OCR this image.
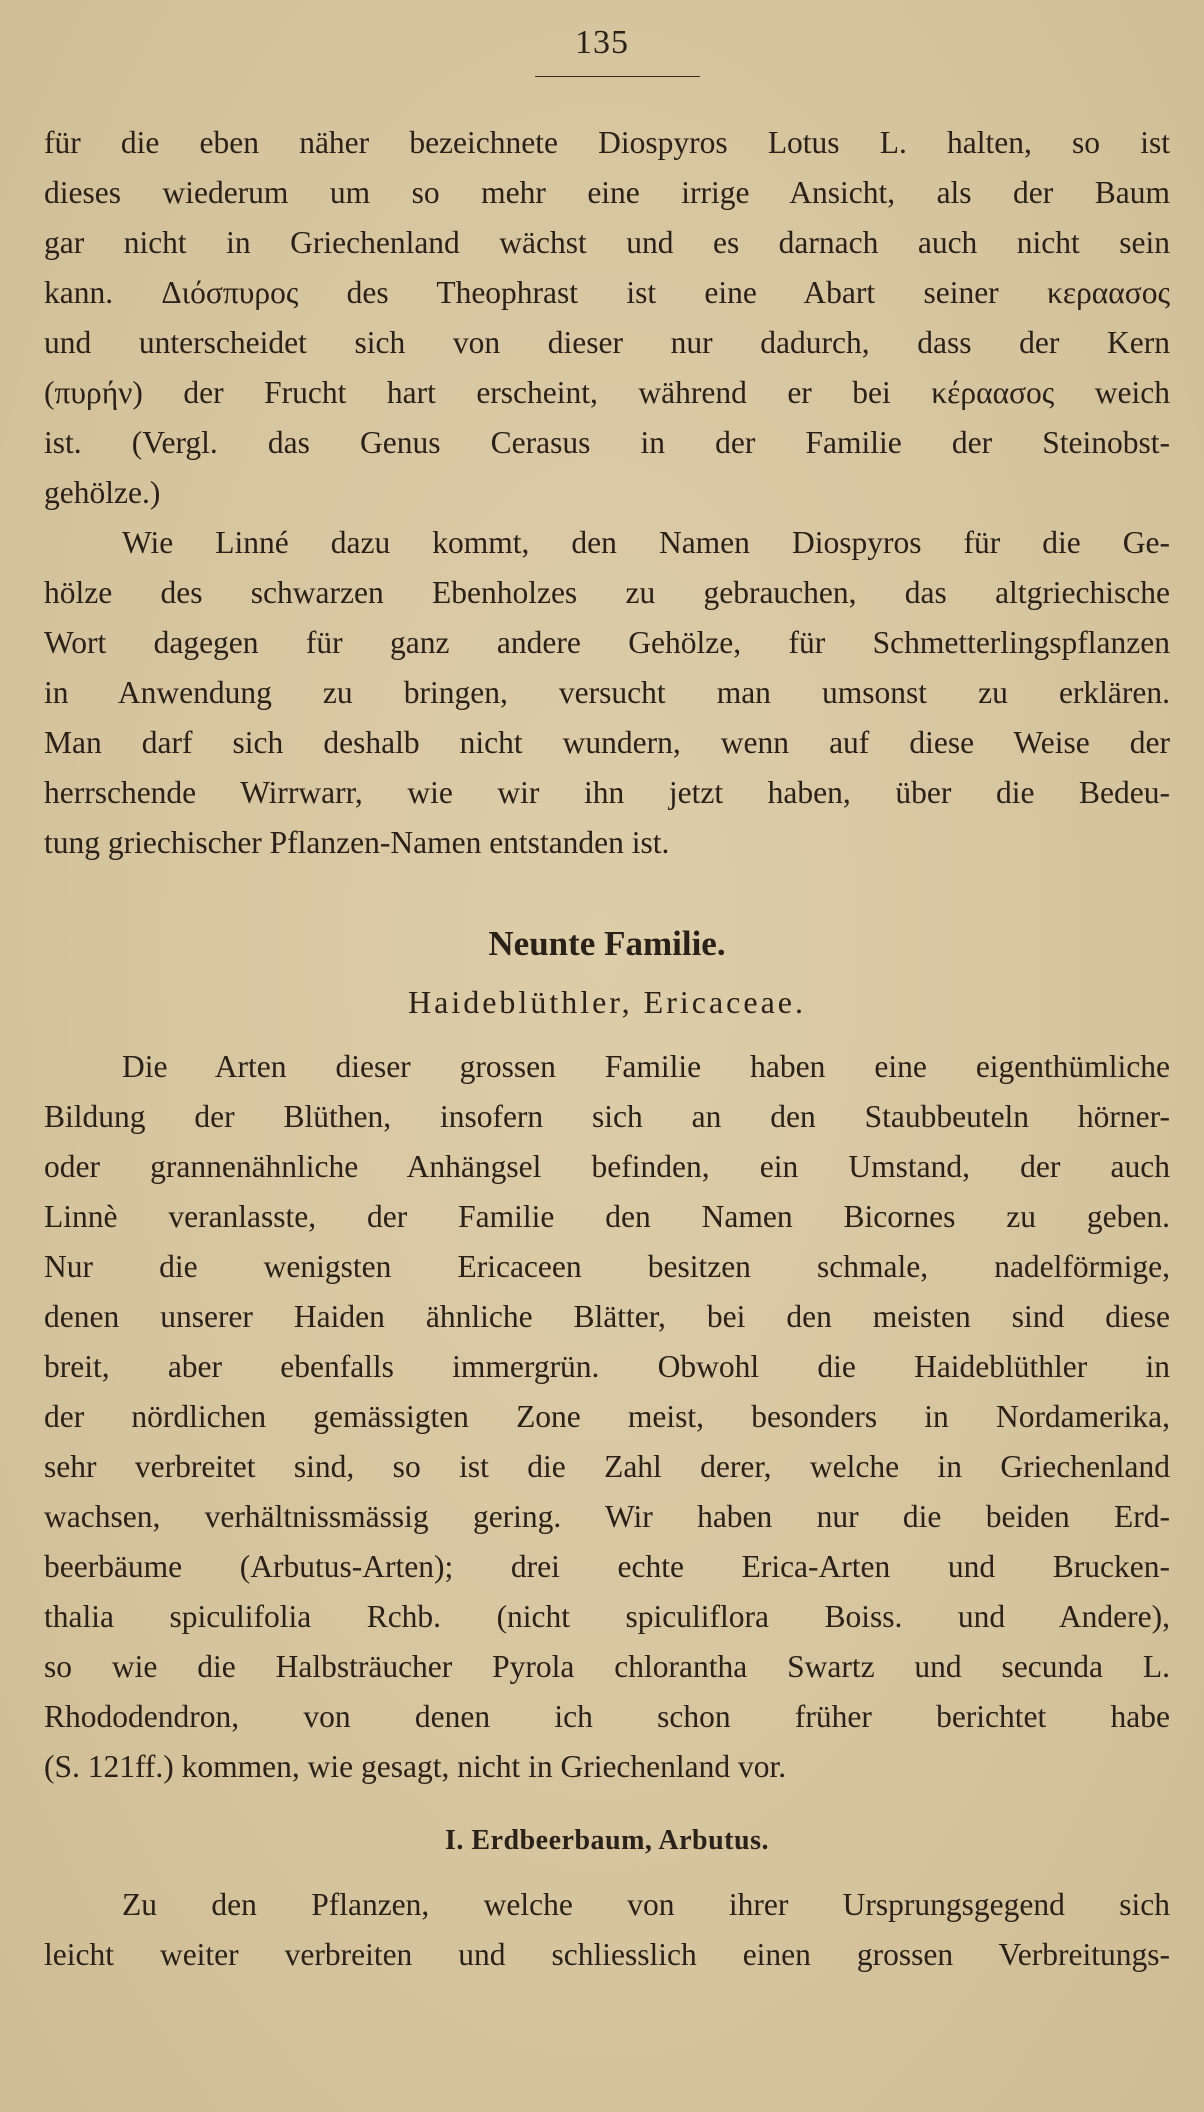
135
für die eben näher bezeichnete Diospyros Lotus L. halten, so ist
dieses wiederum um so mehr eine irrige Ansicht, als der Baum
gar nicht in Griechenland wächst und es darnach auch nicht sein
kann. Διόσπυρος des Theophrast ist eine Abart seiner κεραασος
und unterscheidet sich von dieser nur dadurch, dass der Kern
(πυρήν) der Frucht hart erscheint, während er bei κέραασος weich
ist. (Vergl. das Genus Cerasus in der Familie der Steinobst-
gehölze.)
Wie Linné dazu kommt, den Namen Diospyros für die Ge-
hölze des schwarzen Ebenholzes zu gebrauchen, das altgriechische
Wort dagegen für ganz andere Gehölze, für Schmetterlingspflanzen
in Anwendung zu bringen, versucht man umsonst zu erklären.
Man darf sich deshalb nicht wundern, wenn auf diese Weise der
herrschende Wirrwarr, wie wir ihn jetzt haben, über die Bedeu-
tung griechischer Pflanzen-Namen entstanden ist.
Neunte Familie.
Haideblüthler, Ericaceae.
Die Arten dieser grossen Familie haben eine eigenthümliche
Bildung der Blüthen, insofern sich an den Staubbeuteln hörner-
oder grannenähnliche Anhängsel befinden, ein Umstand, der auch
Linnè veranlasste, der Familie den Namen Bicornes zu geben.
Nur die wenigsten Ericaceen besitzen schmale, nadelförmige,
denen unserer Haiden ähnliche Blätter, bei den meisten sind diese
breit, aber ebenfalls immergrün. Obwohl die Haideblüthler in
der nördlichen gemässigten Zone meist, besonders in Nordamerika,
sehr verbreitet sind, so ist die Zahl derer, welche in Griechenland
wachsen, verhältnissmässig gering. Wir haben nur die beiden Erd-
beerbäume (Arbutus-Arten); drei echte Erica-Arten und Brucken-
thalia spiculifolia Rchb. (nicht spiculiflora Boiss. und Andere),
so wie die Halbsträucher Pyrola chlorantha Swartz und secunda L.
Rhododendron, von denen ich schon früher berichtet habe
(S. 121ff.) kommen, wie gesagt, nicht in Griechenland vor.
I. Erdbeerbaum, Arbutus.
Zu den Pflanzen, welche von ihrer Ursprungsgegend sich
leicht weiter verbreiten und schliesslich einen grossen Verbreitungs-
